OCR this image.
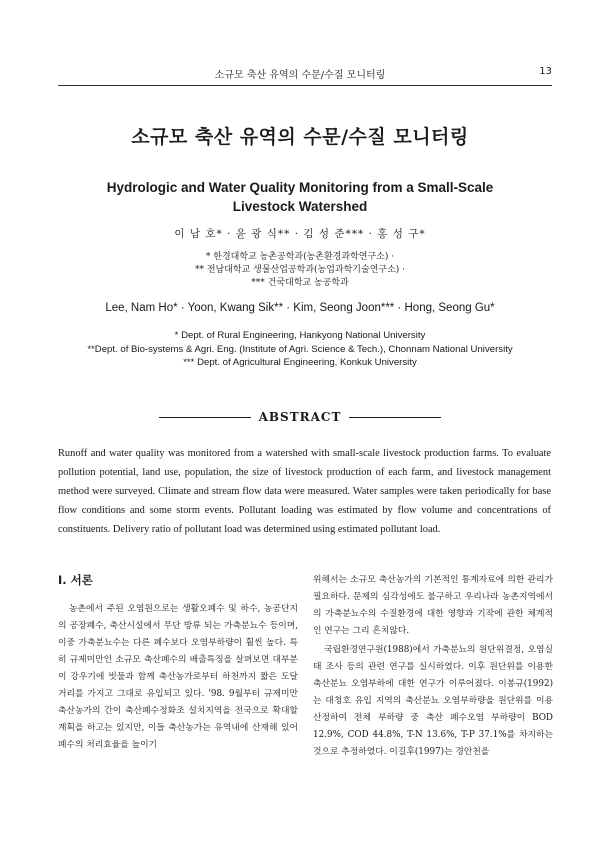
소규모 축산 유역의 수문/수질 모니터링	13
소규모 축산 유역의 수문/수질 모니터링
Hydrologic and Water Quality Monitoring from a Small-Scale Livestock Watershed
이 남 호* · 윤 광 식** · 김 성 준*** · 홍 성 구*
* 한경대학교 농촌공학과(농촌환경과학연구소) ·
** 전남대학교 생물산업공학과(농업과학기술연구소) ·
*** 건국대학교 농공학과
Lee, Nam Ho* · Yoon, Kwang Sik** · Kim, Seong Joon*** · Hong, Seong Gu*
* Dept. of Rural Engineering, Hankyong National University
**Dept. of Bio-systems & Agri. Eng. (Institute of Agri. Science & Tech.), Chonnam National University
*** Dept. of Agricultural Engineering, Konkuk University
ABSTRACT
Runoff and water quality was monitored from a watershed with small-scale livestock production farms. To evaluate pollution potential, land use, population, the size of livestock production of each farm, and livestock management method were surveyed. Climate and stream flow data were measured. Water samples were taken periodically for base flow conditions and some storm events. Pollutant loading was estimated by flow volume and concentrations of constituents. Delivery ratio of pollutant load was determined using estimated pollutant load.
I. 서론

농촌에서 주된 오염원으로는 생활오폐수 및 하수, 농공단지의 공장폐수, 축산시설에서 무단 방류 되는 가축분뇨수 등이며, 이중 가축분뇨수는 다른 폐수보다 오염부하량이 훨씬 높다. 특히 규제미만인 소규모 축산폐수의 배출특징을 살펴보면 대부분이 강우기에 빗물과 함께 축산농가로부터 하천까지 짧은 도달거리를 가지고 그대로 유입되고 있다. '98. 9월부터 규제미만 축산농가의 간이 축산폐수정화조 설치지역을 전국으로 확대할 계획을 하고는 있지만, 이들 축산농가는 유역내에 산재해 있어 폐수의 처리효율을 높이기

위해서는 소규모 축산농가의 기본적인 통계자료에 의한 관리가 필요하다. 문제의 심각성에도 불구하고 우리나라 농촌지역에서의 가축분뇨수의 수질환경에 대한 영향과 기작에 관한 체계적인 연구는 그리 흔치않다.

국립환경연구원(1988)에서 가축분뇨의 원단위결정, 오염실태 조사 등의 관련 연구를 실시하였다. 이후 원단위를 이용한 축산분뇨 오염부하에 대한 연구가 이루어졌다. 이봉규(1992) 는 대청호 유입 지역의 축산분뇨 오염부하량을 원단위를 이용 산정하여 전체 부하량 중 축산 폐수오염 부하량이 BOD 12.9%, COD 44.8%, T-N 13.6%, T-P 37.1%를 차지하는 것으로 추정하였다. 이길후(1997)는 경안천을
